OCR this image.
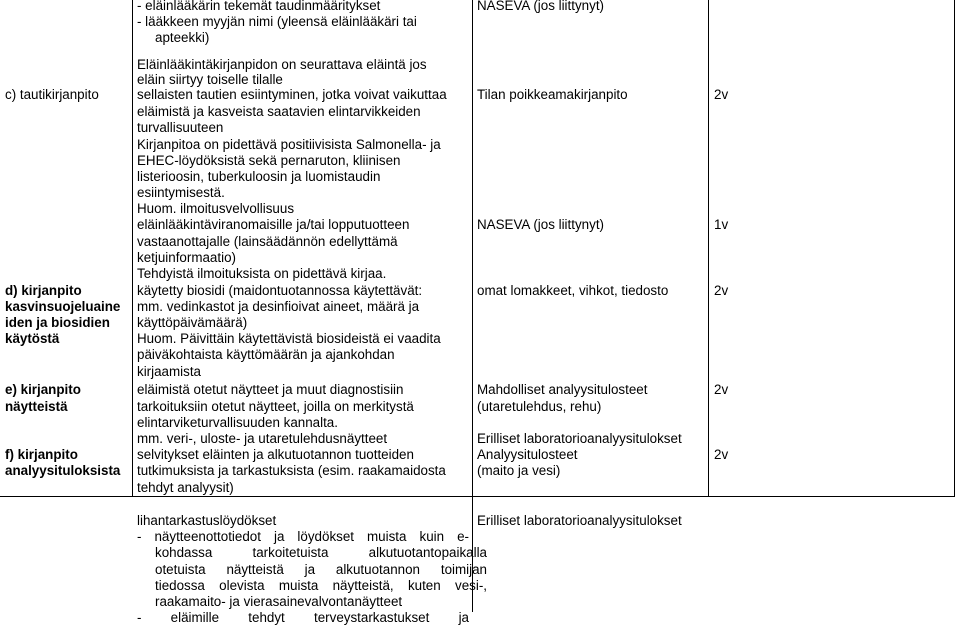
c) tautikirjanpito

d) kirjanpito

kasvinsuojeluaine

iden ja biosidien

käytöstä

e) kirjanpito

näytteistä

f) kirjanpito

analyysituloksista

- eläinlääkärin tekemät taudinmääritykset

- lääkkeen myyjän nimi (yleensä eläinlääkäri tai

apteekki)

Eläinlääkintäkirjanpidon on seurattava eläintä jos

eläin siirtyy toiselle tilalle

sellaisten tautien esiintyminen, jotka voivat vaikuttaa

eläimistä ja kasveista saatavien elintarvikkeiden

turvallisuuteen

Kirjanpitoa on pidettävä positiivisista Salmonella- ja

EHEC-löydöksistä sekä pernaruton, kliinisen

listerioosin, tuberkuloosin ja luomistaudin

esiintymisestä.

Huom. ilmoitusvelvollisuus

eläinlääkintäviranomaisille ja/tai lopputuotteen

vastaanottajalle (lainsäädännön edellyttämä

ketjuinformaatio)

Tehdyistä ilmoituksista on pidettävä kirjaa.

käytetty biosidi (maidontuotannossa käytettävät:

mm. vedinkastot ja desinfioivat aineet, määrä ja

käyttöpäivämäärä)

Huom. Päivittäin käytettävistä biosideistä ei vaadita

päiväkohtaista käyttömäärän ja ajankohdan

kirjaamista

eläimistä otetut näytteet ja muut diagnostisiin

tarkoituksiin otetut näytteet, joilla on merkitystä

elintarviketurvallisuuden kannalta.

mm. veri-, uloste- ja utaretulehdusnäytteet

selvitykset eläinten ja alkutuotannon tuotteiden

tutkimuksista ja tarkastuksista (esim. raakamaidosta

tehdyt analyysit)

lihantarkastuslöydökset

- näytteenottotiedot ja löydökset muista kuin e-

kohdassa tarkoitetuista alkutuotantopaikalla

otetuista näytteistä ja alkutuotannon toimijan

tiedossa olevista muista näytteistä, kuten vesi-,

raakamaito- ja vierasainevalvontanäytteet

- eläimille tehdyt terveystarkastukset ja

NASEVA (jos liittynyt)

Tilan poikkeamakirjanpito

NASEVA (jos liittynyt)

omat lomakkeet, vihkot, tiedosto

Mahdolliset analyysitulosteet

(utaretulehdus, rehu)

Erilliset laboratorioanalyysitulokset

Analyysitulosteet

(maito ja vesi)

Erilliset laboratorioanalyysitulokset

2v

1v

2v

2v

2v
